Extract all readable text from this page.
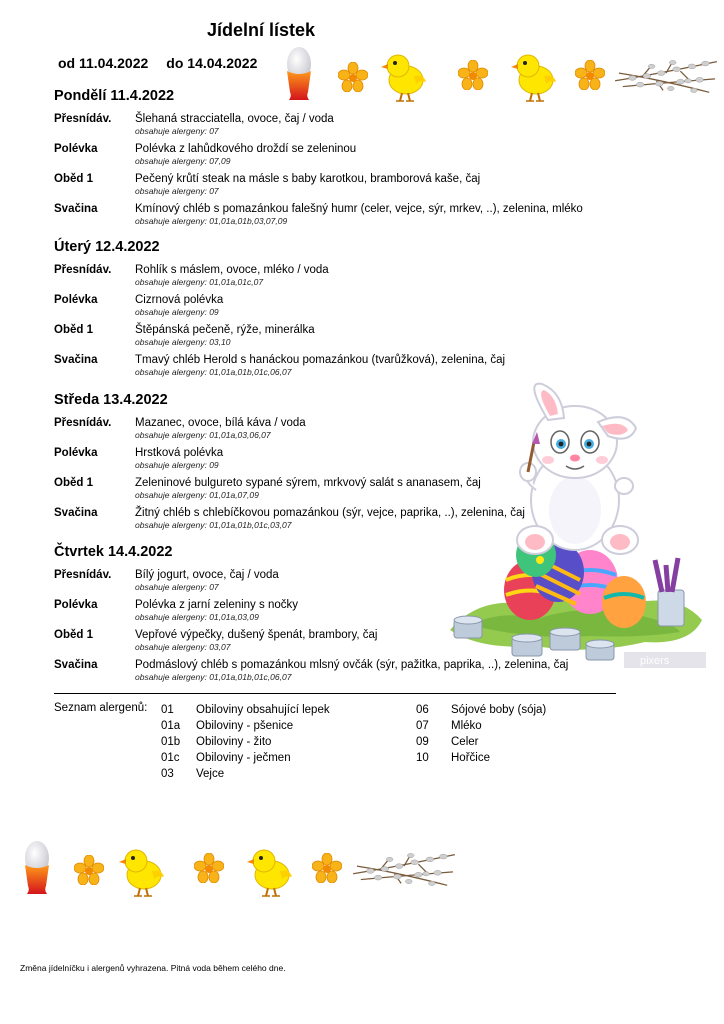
Jídelní lístek
od 11.04.2022 do 14.04.2022
Pondělí 11.4.2022
Přesnídáv. Šlehaná stracciatella, ovoce, čaj / voda
obsahuje alergeny: 07
Polévka	Polévka z lahůdkového droždí se zeleninou
obsahuje alergeny: 07,09
Oběd 1	Pečený krůtí steak na másle s baby karotkou, bramborová kaše, čaj
obsahuje alergeny: 07
Svačina	Kmínový chléb s pomazánkou falešný humr (celer, vejce, sýr, mrkev, ..), zelenina, mléko
obsahuje alergeny: 01,01a,01b,03,07,09
Úterý 12.4.2022
Přesnídáv. Rohlík s máslem, ovoce, mléko / voda
obsahuje alergeny: 01,01a,01c,07
Polévka	Cizrnová polévka
obsahuje alergeny: 09
Oběd 1	Štěpánská pečeně, rýže, minerálka
obsahuje alergeny: 03,10
Svačina	Tmavý chléb Herold s hanáckou pomazánkou (tvarůžková), zelenina, čaj
obsahuje alergeny: 01,01a,01b,01c,06,07
Středa 13.4.2022
Přesnídáv. Mazanec, ovoce, bílá káva / voda
obsahuje alergeny: 01,01a,03,06,07
Polévka	Hrstková polévka
obsahuje alergeny: 09
Oběd 1	Zeleninové bulgureto sypané sýrem, mrkvový salát s ananasem, čaj
obsahuje alergeny: 01,01a,07,09
Svačina	Žitný chléb s chlebíčkovou pomazánkou (sýr, vejce, paprika, ..), zelenina, čaj
obsahuje alergeny: 01,01a,01b,01c,03,07
Čtvrtek 14.4.2022
Přesnídáv. Bílý jogurt, ovoce, čaj / voda
obsahuje alergeny: 07
Polévka	Polévka z jarní zeleniny s nočky
obsahuje alergeny: 01,01a,03,09
Oběd 1	Vepřové výpečky, dušený špenát, brambory, čaj
obsahuje alergeny: 03,07
Svačina	Podmáslový chléb s pomazánkou mlsný ovčák (sýr, pažitka, paprika, ..), zelenina, čaj
obsahuje alergeny: 01,01a,01b,01c,06,07
pixers
Seznam alergenů: 01 Obiloviny obsahující lepek
01a Obiloviny - pšenice
01b Obiloviny - žito
01c Obiloviny - ječmen
03 Vejce
06 Sójové boby (sója)
07 Mléko
09 Celer
10 Hořčice
Změna jídelníčku i alergenů vyhrazena. Pitná voda během celého dne.
